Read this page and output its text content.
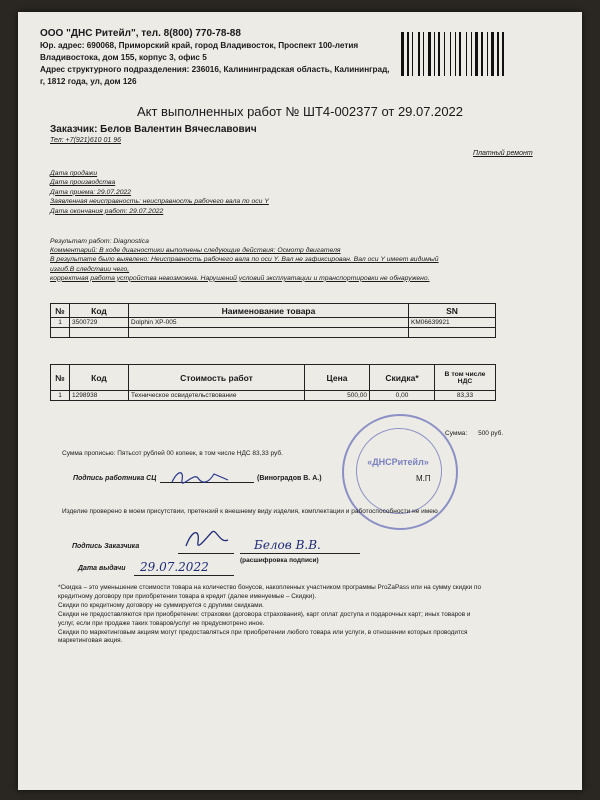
ООО "ДНС Ритейл", тел. 8(800) 770-78-88
Юр. адрес: 690068, Приморский край, город Владивосток, Проспект 100-летия
Владивостока, дом 155, корпус 3, офис 5
Адрес структурного подразделения: 236016, Калининградская область, Калининград,
г, 1812 года, ул, дом 126
Акт выполненных работ № ШТ4-002377 от 29.07.2022
Заказчик: Белов Валентин Вячеславович
Тел: +7(921)610 01 96
Платный ремонт
Дата продажи
Дата производства
Дата приема: 29.07.2022
Заявленная неисправность: неисправность рабочего вала по оси Y
Дата окончания работ: 29.07.2022
Результат работ: Diagnostica
Комментарий: В ходе диагностики выполнены следующие действия: Осмотр двигателя
В результате было выявлено: Неисправность рабочего вала по оси Y. Вал не зафиксирован. Вал оси Y имеет видимый изгиб.В следствии чего,
корректная работа устройства невозможна. Нарушений условий эксплуатации и транспортировки не обнаружено.
№	Код	Наименование товара	SN
1	3500729	Dolphin XP-005	KM06639921

№	Код	Стоимость работ	Цена	Скидка*	В том числе НДС
1	1298938	Техническое освидетельствование	500,00	0,00	83,33
Сумма: 500 руб.
Сумма прописью: Пятьсот рублей 00 копеек, в том числе НДС 83,33 руб.
«ДНСРитейл»
Подпись работника СЦ	(Виноградов В. А.)	М.П
Изделие проверено в моем присутствии, претензий к внешнему виду изделия, комплектации и работоспособности не имею
Подпись Заказчика	Белов В.В.
(расшифровка подписи)
Дата выдачи 29.07.2022
*Скидка – это уменьшение стоимости товара на количество бонусов, накопленных участником программы ProZaPass или на сумму скидки по
кредитному договору при приобретении товара в кредит (далее именуемые – Скидки).
Скидки по кредитному договору не суммируется с другими скидками.
Скидки не предоставляются при приобретении: страховки (договора страхования), карт оплат доступа и подарочных карт; иных товаров и
услуг, если при продаже таких товаров/услуг не предусмотрено иное.
Скидки по маркетинговым акциям могут предоставляться при приобретении любого товара или услуги, в отношении которых проводится
маркетинговая акция.
